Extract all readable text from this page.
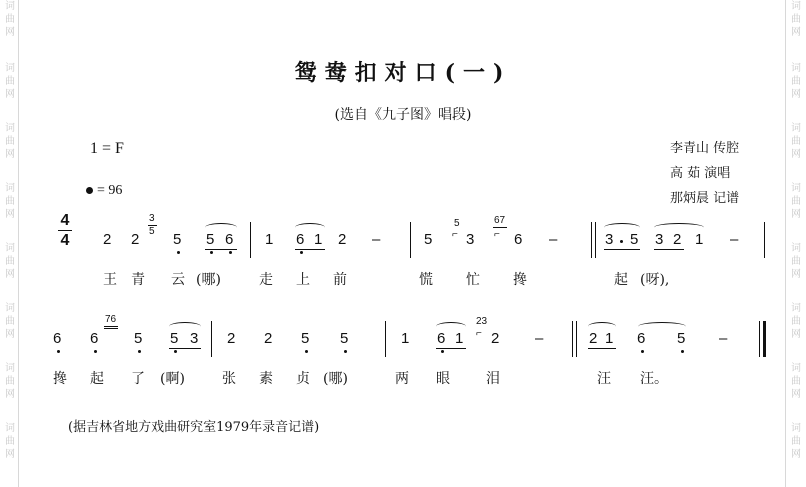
词
曲
网
词
曲
网
词
曲
网
词
曲
网
词
曲
网
词
曲
网
词
曲
网
词
曲
网
词
曲
网
词
曲
网
词
曲
网
词
曲
网
词
曲
网
词
曲
网
词
曲
网
词
曲
网
鸳鸯扣对口(一)
(选自《九子图》唱段)
1 = F
= 96
李青山 传腔
高 茹 演唱
那炳晨 记谱
4
4 2 2
3
5 5 5 6 1 6 1 2 –	5
5
⌐ 3
67
⌐ 6 –	3 5 3 2 1 –
王 青 云 (哪)	走 上 前	慌 忙 搀	起 (呀),
6 6
76
5 5 3 2 2 5 5	1 6 1
23
⌐ 2 –	2 1 6 5 –
搀 起 了 (啊)	张 素 贞 (哪)	两 眼	泪	汪 汪。
(据吉林省地方戏曲研究室1979年录音记谱)
